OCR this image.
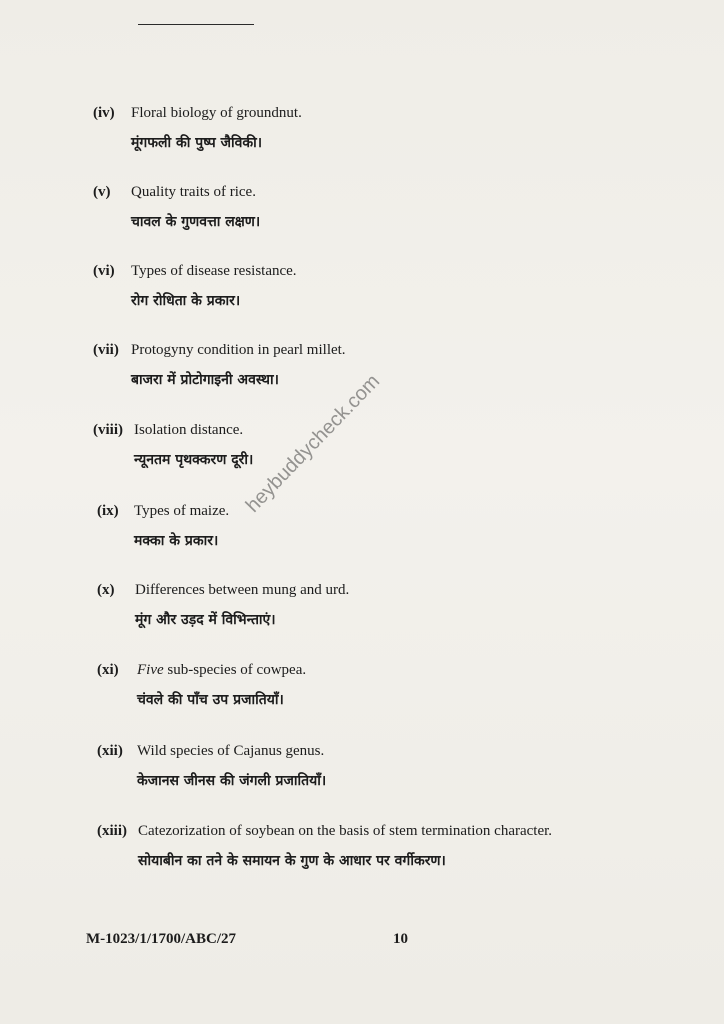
(iv) Floral biology of groundnut.
मूंगफली की पुष्प जैविकी।
(v) Quality traits of rice.
चावल के गुणवत्ता लक्षण।
(vi) Types of disease resistance.
रोग रोधिता के प्रकार।
(vii) Protogyny condition in pearl millet.
बाजरा में प्रोटोगाइनी अवस्था।
(viii) Isolation distance.
न्यूनतम पृथक्करण दूरी।
(ix) Types of maize.
मक्का के प्रकार।
(x) Differences between mung and urd.
मूंग और उड़द में विभिन्ताएं।
(xi) Five sub-species of cowpea.
चंवले की पाँच उप प्रजातियाँ।
(xii) Wild species of Cajanus genus.
केजानस जीनस की जंगली प्रजातियाँ।
(xiii) Catezorization of soybean on the basis of stem termination character.
सोयाबीन का तने के समायन के गुण के आधार पर वर्गीकरण।
heybuddycheck.com
M-1023/1/1700/ABC/27	10
